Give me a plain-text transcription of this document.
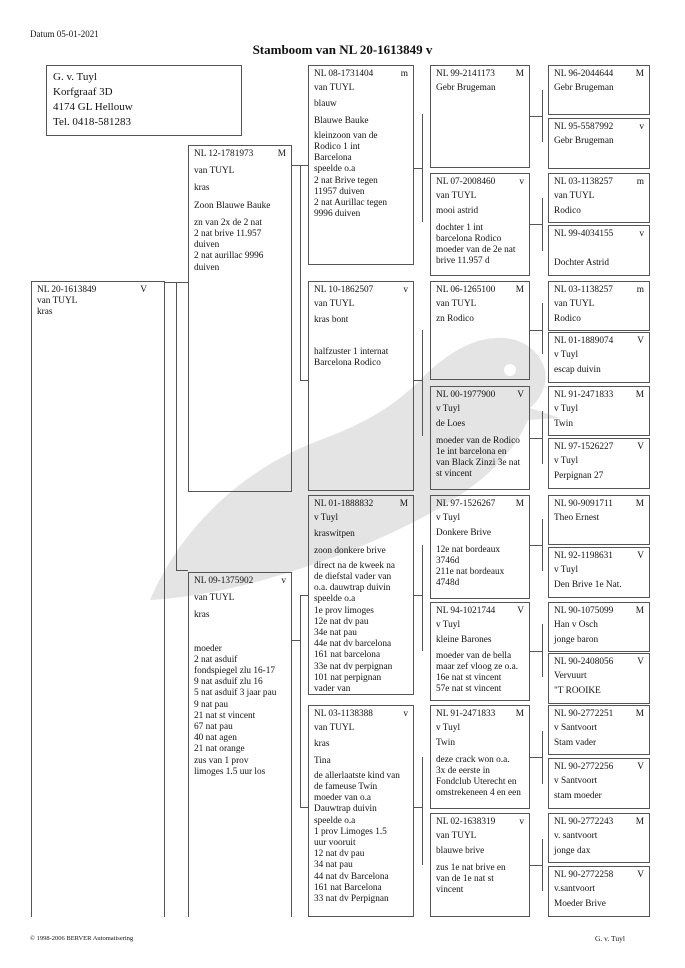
Datum 05-01-2021
Stamboom van NL 20-1613849 v
G. v. Tuyl
Korfgraaf 3D
4174 GL Hellouw
Tel. 0418-581283
NL 20-1613849	V
van TUYL
kras
NL 12-1781973	M
van TUYL
kras
Zoon Blauwe Bauke
zn van 2x de 2 nat
2 nat brive 11.957
duiven
2 nat aurillac 9996
duiven
NL 09-1375902	v
van TUYL
kras
moeder
2 nat asduif
fondspiegel zlu 16-17
9 nat asduif zlu 16
5 nat asduif 3 jaar pau
9 nat pau
21 nat st vincent
67 nat pau
40 nat agen
21 nat orange
zus van 1 prov
limoges 1.5 uur los
NL 08-1731404	m
van TUYL
blauw
Blauwe Bauke
kleinzoon van de
Rodico 1 int
Barcelona
speelde o.a
2 nat Brive tegen
11957 duiven
2 nat Aurillac tegen
9996 duiven
NL 10-1862507	v
van TUYL
kras bont
halfzuster 1 internat
Barcelona Rodico
NL 01-1888832	M
v Tuyl
kraswitpen
zoon donkere brive
direct na de kweek na
de diefstal vader van
o.a. dauwtrap duivin
speelde o.a
1e prov limoges
12e nat dv pau
34e nat pau
44e nat dv barcelona
161 nat barcelona
33e nat dv perpignan
101 nat perpignan
vader van
NL 03-1138388	v
van TUYL
kras
Tina
de allerlaatste kind van
de fameuse Twin
moeder van o.a
Dauwtrap duivin
speelde o.a
1 prov Limoges 1.5
uur vooruit
12 nat dv pau
34 nat pau
44 nat dv Barcelona
161 nat Barcelona
33 nat dv Perpignan
NL 99-2141173 M
Gebr Brugeman
NL 07-2008460	v
van TUYL
mooi astrid
dochter 1 int
barcelona Rodico
moeder van de 2e nat
brive 11.957 d
NL 06-1265100 M
van TUYL
zn Rodico
NL 00-1977900 V
v Tuyl
de Loes
moeder van de Rodico
1e int barcelona en
van Black Zinzi 3e nat
st vincent
NL 97-1526267 M
v Tuyl
Donkere Brive
12e nat bordeaux
3746d
211e nat bordeaux
4748d
NL 94-1021744 V
v Tuyl
kleine Barones
moeder van de bella
maar zef vloog ze o.a.
16e nat st vincent
57e nat st vincent
NL 91-2471833 M
v Tuyl
Twin
deze crack won o.a.
3x de eerste in
Fondclub Uterecht en
omstrekeneen 4 en een
NL 02-1638319	v
van TUYL
blauwe brive
zus 1e nat brive en
van de 1e nat st
vincent
NL 96-2044644 M
Gebr Brugeman
NL 95-5587992	v
Gebr Brugeman
NL 03-1138257	m
van TUYL
Rodico
NL 99-4034155	v
Dochter Astrid
NL 03-1138257	m
van TUYL
Rodico
NL 01-1889074	V
v Tuyl
escap duivin
NL 91-2471833 M
v Tuyl
Twin
NL 97-1526227	V
v Tuyl
Perpignan 27
NL 90-9091711 M
Theo Ernest
NL 92-1198631	V
v Tuyl
Den Brive 1e Nat.
NL 90-1075099 M
Han v Osch
jonge baron
NL 90-2408056	V
Vervuurt
"T ROOIKE
NL 90-2772251 M
v Santvoort
Stam vader
NL 90-2772256	V
v Santvoort
stam moeder
NL 90-2772243 M
v. santvoort
jonge dax
NL 90-2772258	V
v.santvoort
Moeder Brive
© 1998-2006 BERVER Automatisering	G. v. Tuyl
